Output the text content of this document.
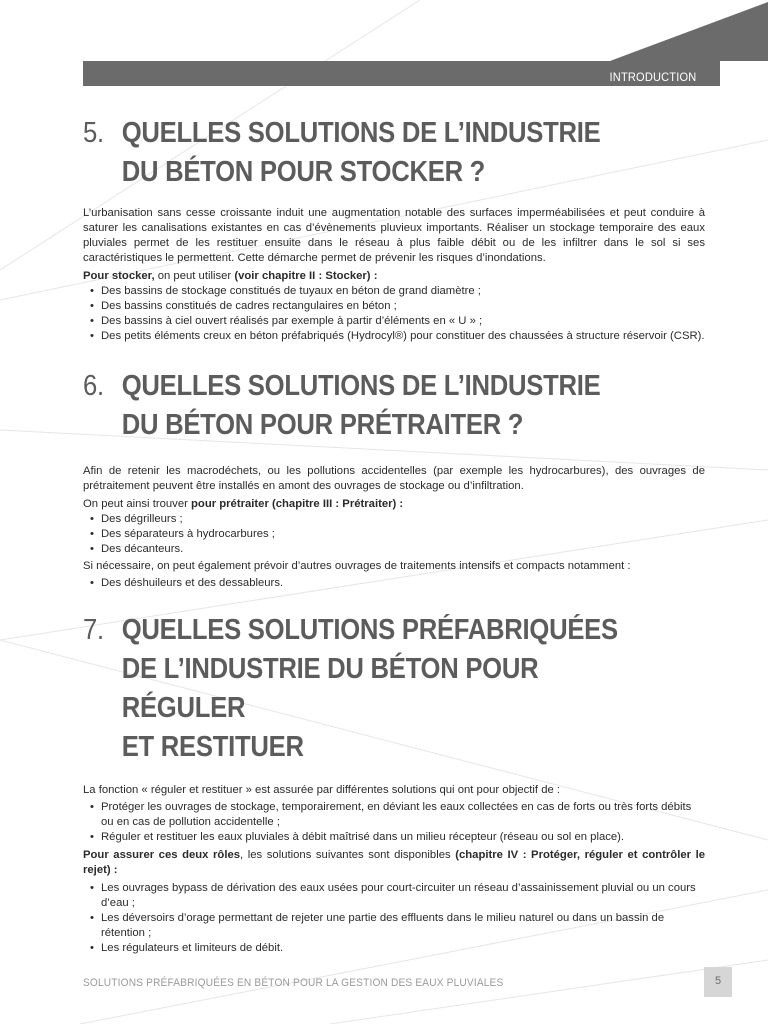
INTRODUCTION
5. QUELLES SOLUTIONS DE L’INDUSTRIE
DU BÉTON POUR STOCKER ?

L’urbanisation sans cesse croissante induit une augmentation notable des surfaces imperméabilisées et peut conduire à saturer les canalisations existantes en cas d’évènements pluvieux importants. Réaliser un stockage temporaire des eaux pluviales permet de les restituer ensuite dans le réseau à plus faible débit ou de les infiltrer dans le sol si ses caractéristiques le permettent. Cette démarche permet de prévenir les risques d’inondations.

Pour stocker, on peut utiliser (voir chapitre II : Stocker) :

• Des bassins de stockage constitués de tuyaux en béton de grand diamètre ;
• Des bassins constitués de cadres rectangulaires en béton ;
• Des bassins à ciel ouvert réalisés par exemple à partir d’éléments en « U » ;
• Des petits éléments creux en béton préfabriqués (Hydrocyl®) pour constituer des chaussées à structure réservoir (CSR).
6. QUELLES SOLUTIONS DE L’INDUSTRIE
DU BÉTON POUR PRÉTRAITER ?

Afin de retenir les macrodéchets, ou les pollutions accidentelles (par exemple les hydrocarbures), des ouvrages de prétraitement peuvent être installés en amont des ouvrages de stockage ou d’infiltration.

On peut ainsi trouver pour prétraiter (chapitre III : Prétraiter) :

• Des dégrilleurs ;
• Des séparateurs à hydrocarbures ;
• Des décanteurs.

Si nécessaire, on peut également prévoir d’autres ouvrages de traitements intensifs et compacts notamment :

• Des déshuileurs et des dessableurs.
7. QUELLES SOLUTIONS PRÉFABRIQUÉES
DE L’INDUSTRIE DU BÉTON POUR RÉGULER
ET RESTITUER

La fonction « réguler et restituer » est assurée par différentes solutions qui ont pour objectif de :

• Protéger les ouvrages de stockage, temporairement, en déviant les eaux collectées en cas de forts ou très forts débits ou en cas de pollution accidentelle ;
• Réguler et restituer les eaux pluviales à débit maîtrisé dans un milieu récepteur (réseau ou sol en place).

Pour assurer ces deux rôles, les solutions suivantes sont disponibles (chapitre IV : Protéger, réguler et contrôler le rejet) :

• Les ouvrages bypass de dérivation des eaux usées pour court-circuiter un réseau d’assainissement pluvial ou un cours d’eau ;
• Les déversoirs d’orage permettant de rejeter une partie des effluents dans le milieu naturel ou dans un bassin de rétention ;
• Les régulateurs et limiteurs de débit.
SOLUTIONS PRÉFABRIQUÉES EN BÉTON POUR LA GESTION DES EAUX PLUVIALES	5
